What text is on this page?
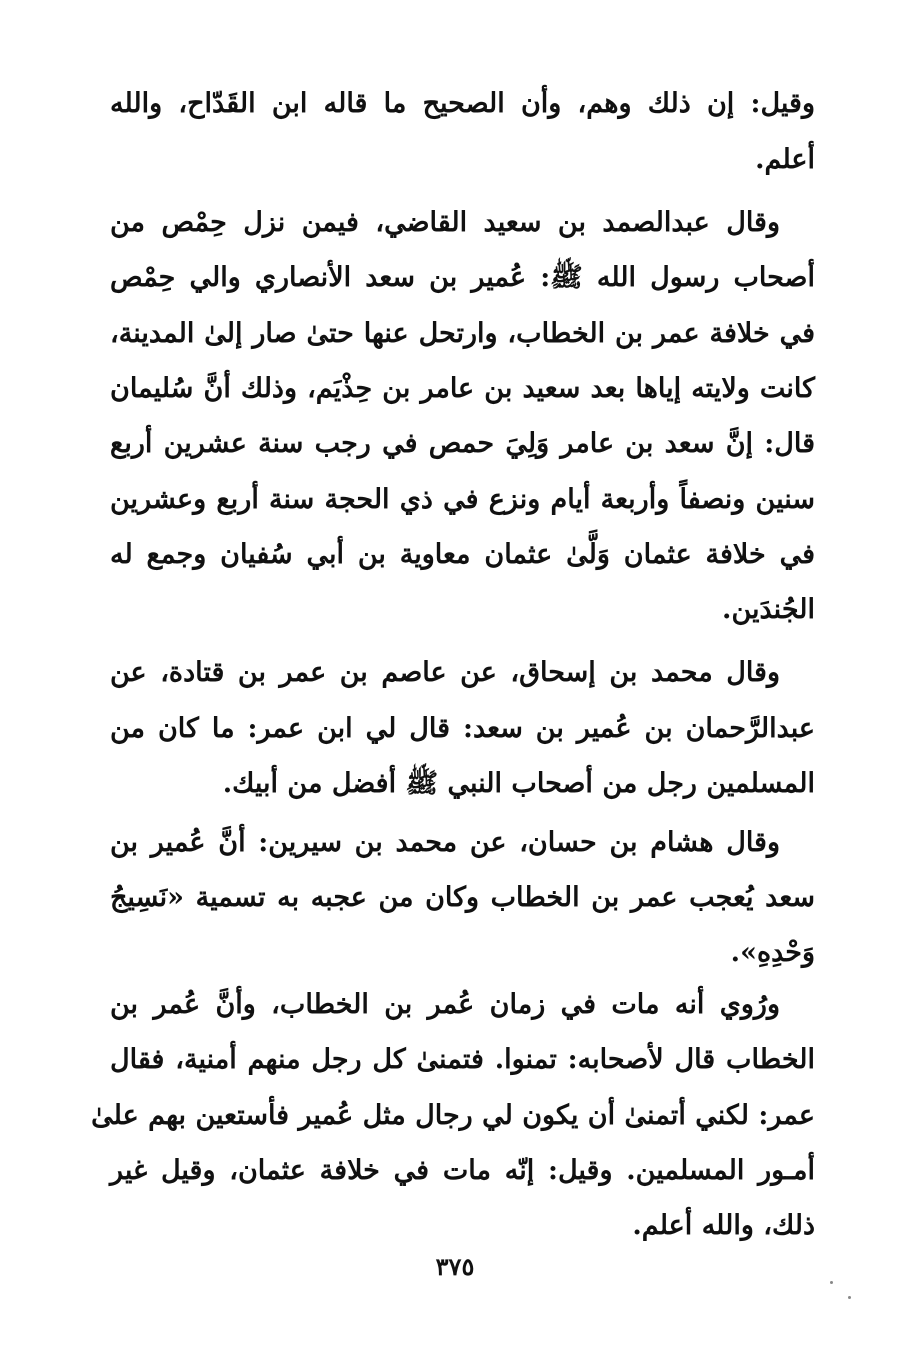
وقيل: إن ذلك وهم، وأن الصحيح ما قاله ابن القَدّاح، والله
أعلم.
وقال عبدالصمد بن سعيد القاضي، فيمن نزل حِمْص من
أصحاب رسول الله ﷺ: عُمير بن سعد الأنصاري والي حِمْص
في خلافة عمر بن الخطاب، وارتحل عنها حتىٰ صار إلىٰ المدينة،
كانت ولايته إياها بعد سعيد بن عامر بن حِذْيَم، وذلك أنَّ سُليمان
قال: إنَّ سعد بن عامر وَلِيَ حمص في رجب سنة عشرين أربع
سنين ونصفاً وأربعة أيام ونزع في ذي الحجة سنة أربع وعشرين
في خلافة عثمان وَلَّىٰ عثمان معاوية بن أبي سُفيان وجمع له
الجُندَين.
وقال محمد بن إسحاق، عن عاصم بن عمر بن قتادة، عن
عبدالرَّحمان بن عُمير بن سعد: قال لي ابن عمر: ما كان من
المسلمين رجل من أصحاب النبي ﷺ أفضل من أبيك.
وقال هشام بن حسان، عن محمد بن سيرين: أنَّ عُمير بن
سعد يُعجب عمر بن الخطاب وكان من عجبه به تسمية «نَسِيجُ
وَحْدِهِ».
ورُوي أنه مات في زمان عُمر بن الخطاب، وأنَّ عُمر بن
الخطاب قال لأصحابه: تمنوا. فتمنىٰ كل رجل منهم أمنية، فقال
عمر: لكني أتمنىٰ أن يكون لي رجال مثل عُمير فأستعين بهم علىٰ
أمـور المسلمين. وقيل: إنّه مات في خلافة عثمان، وقيل غير
ذلك، والله أعلم.
٣٧٥
